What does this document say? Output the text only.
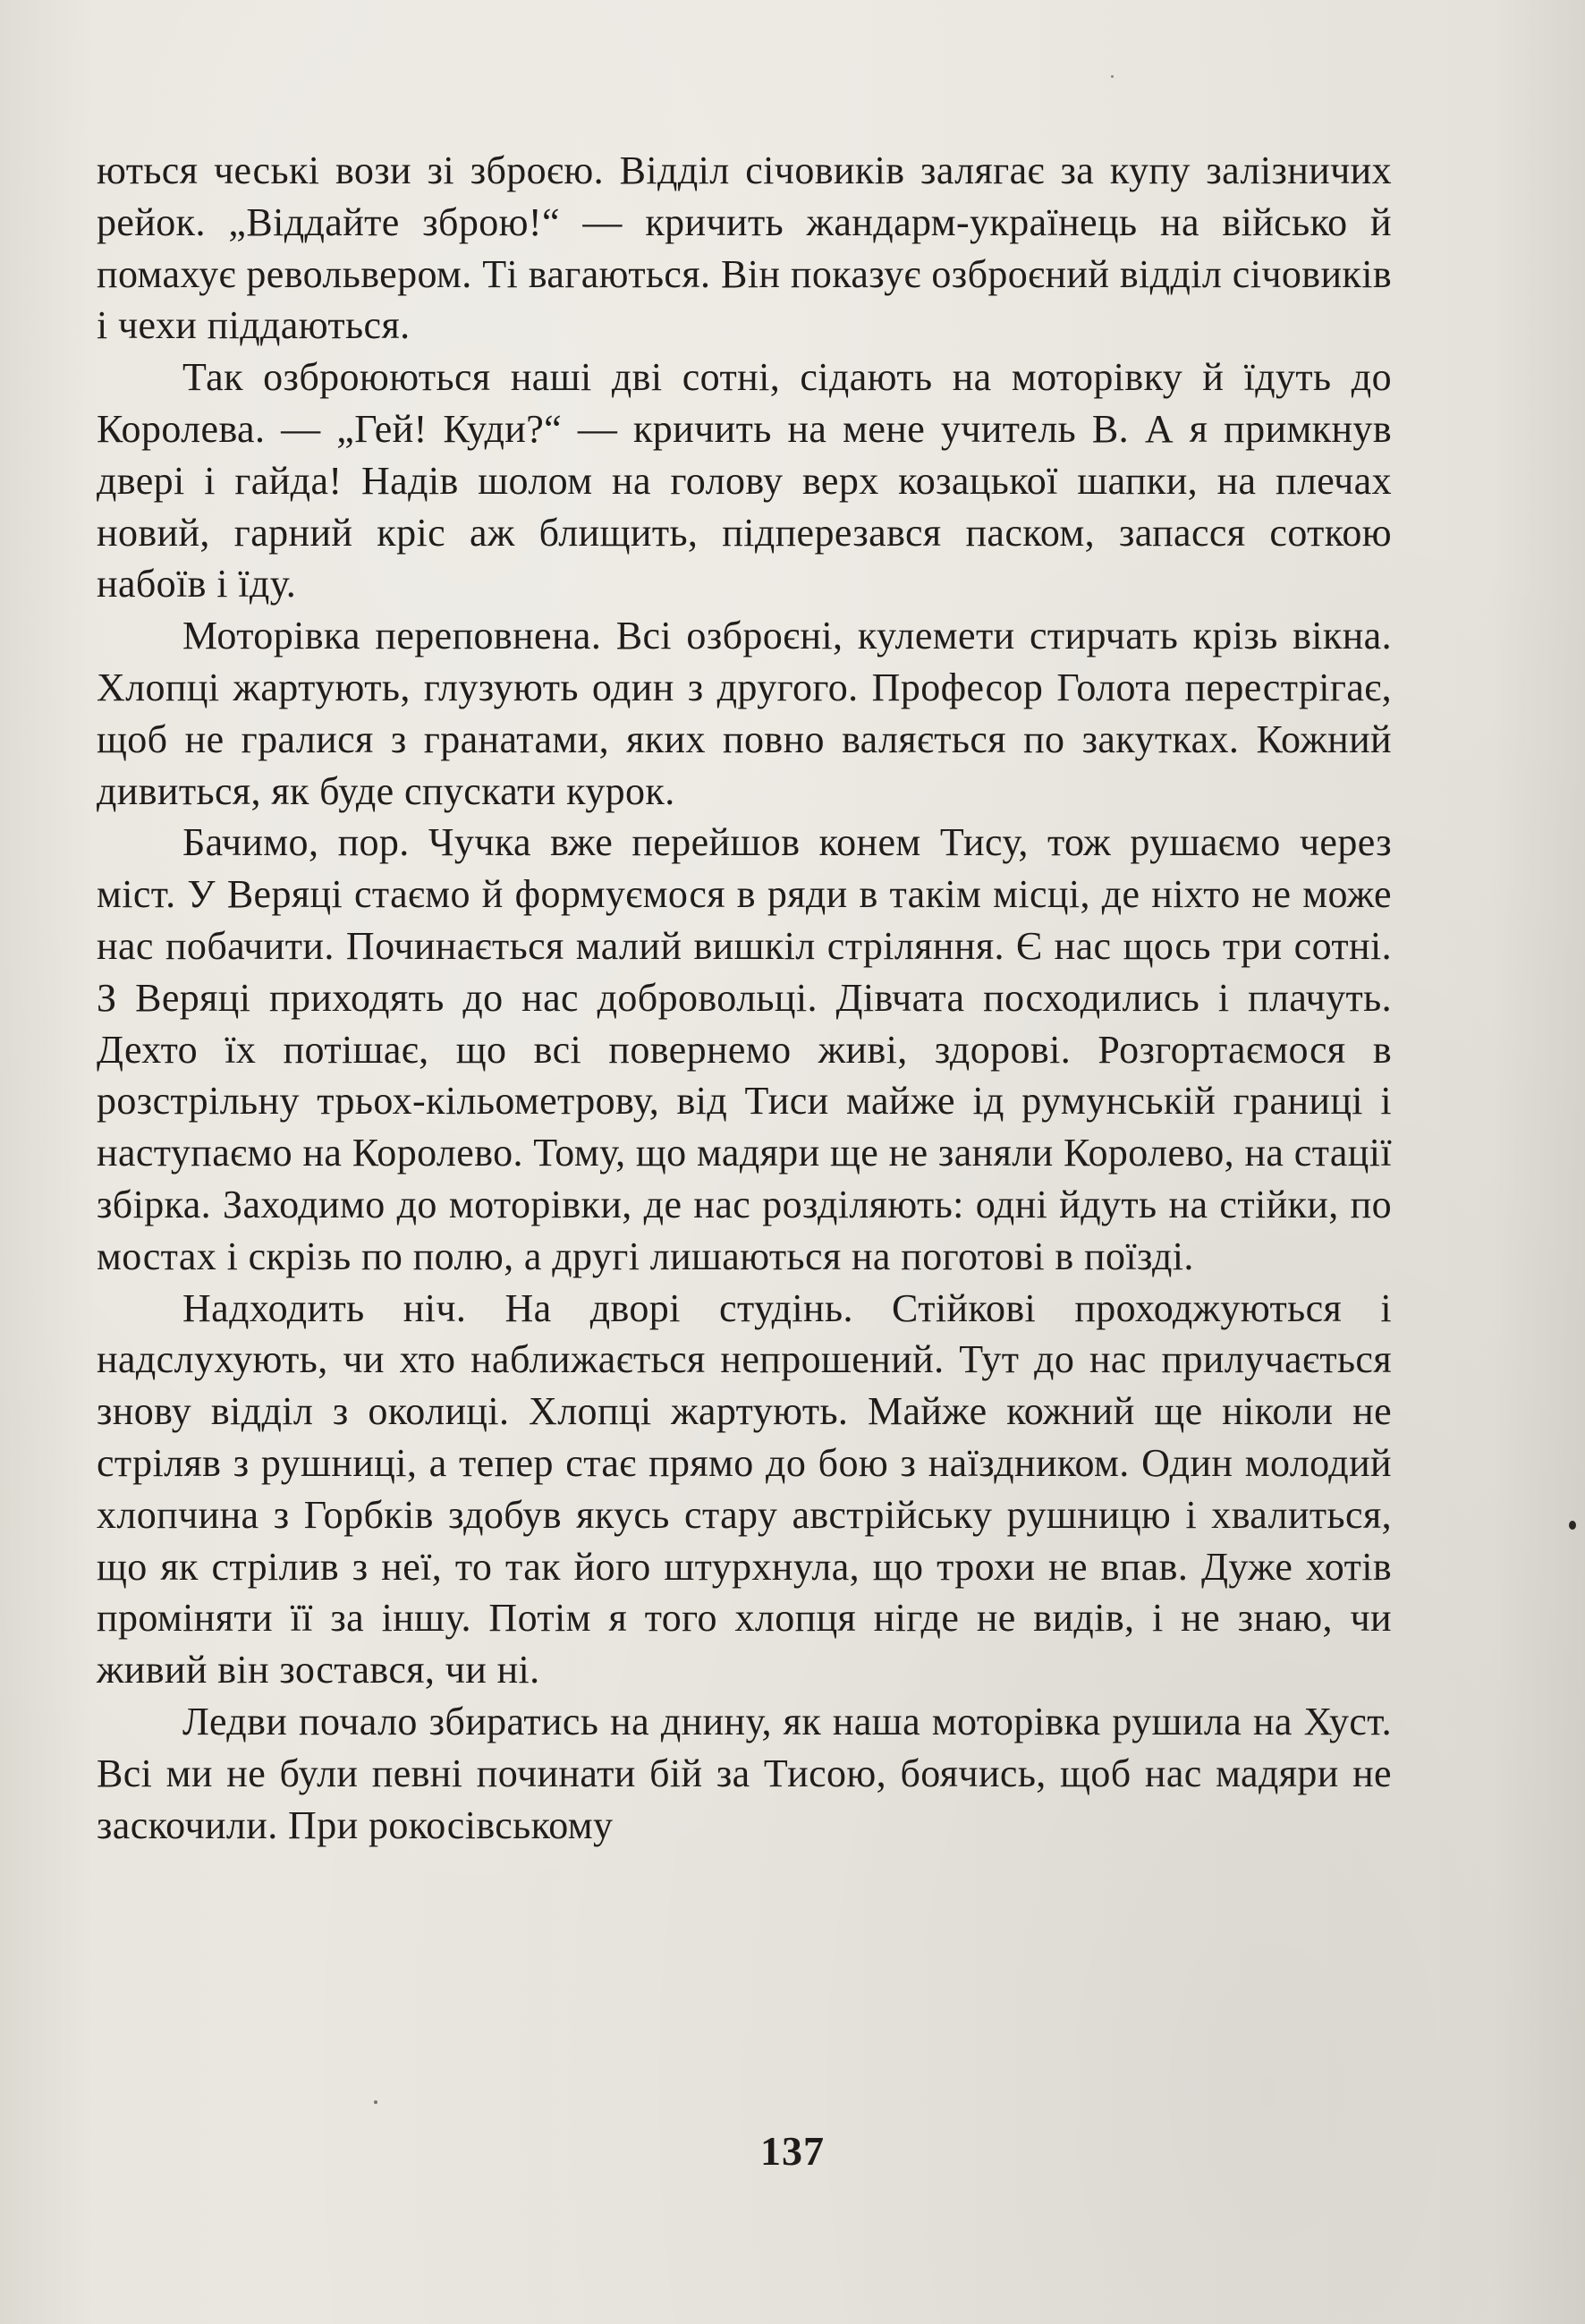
ються чеські вози зі зброєю. Відділ січовиків залягає за купу залізничих рейок. „Віддайте зброю!“ — кричить жандарм-українець на військо й помахує револьвером. Ті вагаються. Він показує озброєний відділ січовиків і чехи піддаються.

Так озброюються наші дві сотні, сідають на моторівку й їдуть до Королева. — „Гей! Куди?“ — кричить на мене учитель В. А я примкнув двері і гайда! Надів шолом на голову верх козацької шапки, на плечах новий, гарний кріс аж блищить, підперезався паском, запасся соткою набоїв і їду.

Моторівка переповнена. Всі озброєні, кулемети стирчать крізь вікна. Хлопці жартують, глузують один з другого. Професор Голота перестрігає, щоб не гралися з гранатами, яких повно валяється по закутках. Кожний дивиться, як буде спускати курок.

Бачимо, пор. Чучка вже перейшов конем Тису, тож рушаємо через міст. У Веряці стаємо й формуємося в ряди в такім місці, де ніхто не може нас побачити. Починається малий вишкіл стріляння. Є нас щось три сотні. З Веряці приходять до нас добровольці. Дівчата посходились і плачуть. Дехто їх потішає, що всі повернемо живі, здорові. Розгортаємося в розстрільну трьох-кільометрову, від Тиси майже ід румунській границі і наступаємо на Королево. Тому, що мадяри ще не заняли Королево, на стації збірка. Заходимо до моторівки, де нас розділяють: одні йдуть на стійки, по мостах і скрізь по полю, а другі лишаються на поготові в поїзді.

Надходить ніч. На дворі студінь. Стійкові проходжуються і надслухують, чи хто наближається непрошений. Тут до нас прилучається знову відділ з околиці. Хлопці жартують. Майже кожний ще ніколи не стріляв з рушниці, а тепер стає прямо до бою з наїздником. Один молодий хлопчина з Горбків здобув якусь стару австрійську рушницю і хвалиться, що як стрілив з неї, то так його штурхнула, що трохи не впав. Дуже хотів проміняти її за іншу. Потім я того хлопця нігде не видів, і не знаю, чи живий він зостався, чи ні.

Ледви почало збиратись на днину, як наша моторівка рушила на Хуст. Всі ми не були певні починати бій за Тисою, боячись, щоб нас мадяри не заскочили. При рокосівському

137
